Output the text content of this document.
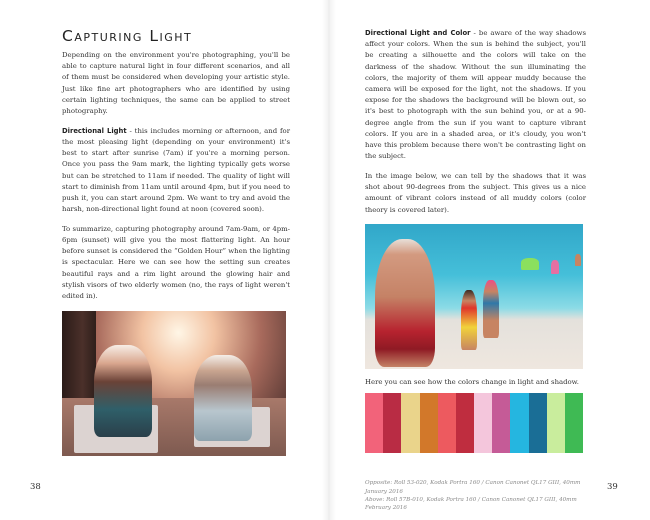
Capturing Light

Depending on the environment you're photographing, you'll be able to capture natural light in four different scenarios, and all of them must be considered when developing your artistic style. Just like fine art photographers who are identified by using certain lighting techniques, the same can be applied to street photography.

Directional Light - this includes morning or afternoon, and for the most pleasing light (depending on your environment) it's best to start after sunrise (7am) if you're a morning person. Once you pass the 9am mark, the lighting typically gets worse but can be stretched to 11am if needed. The quality of light will start to diminish from 11am until around 4pm, but if you need to push it, you can start around 2pm. We want to try and avoid the harsh, non-directional light found at noon (covered soon).

To summarize, capturing photography around 7am-9am, or 4pm-6pm (sunset) will give you the most flattering light. An hour before sunset is considered the “Golden Hour” when the lighting is spectacular. Here we can see how the setting sun creates beautiful rays and a rim light around the glowing hair and stylish visors of two elderly women (no, the rays of light weren't edited in).

38

Directional Light and Color - be aware of the way shadows affect your colors. When the sun is behind the subject, you'll be creating a silhouette and the colors will take on the darkness of the shadow. Without the sun illuminating the colors, the majority of them will appear muddy because the camera will be exposed for the light, not the shadows. If you expose for the shadows the background will be blown out, so it's best to photograph with the sun behind you, or at a 90-degree angle from the sun if you want to capture vibrant colors. If you are in a shaded area, or it's cloudy, you won't have this problem because there won't be contrasting light on the subject.

In the image below, we can tell by the shadows that it was shot about 90-degrees from the subject. This gives us a nice amount of vibrant colors instead of all muddy colors (color theory is covered later).

Here you can see how the colors change in light and shadow.

Opposite: Roll 53-020, Kodak Portra 160 / Canon Canonet QL17 GIII, 40mm January 2016
Above: Roll 57B-010, Kodak Portra 160 / Canon Canonet QL17 GIII, 40mm February 2016
39
